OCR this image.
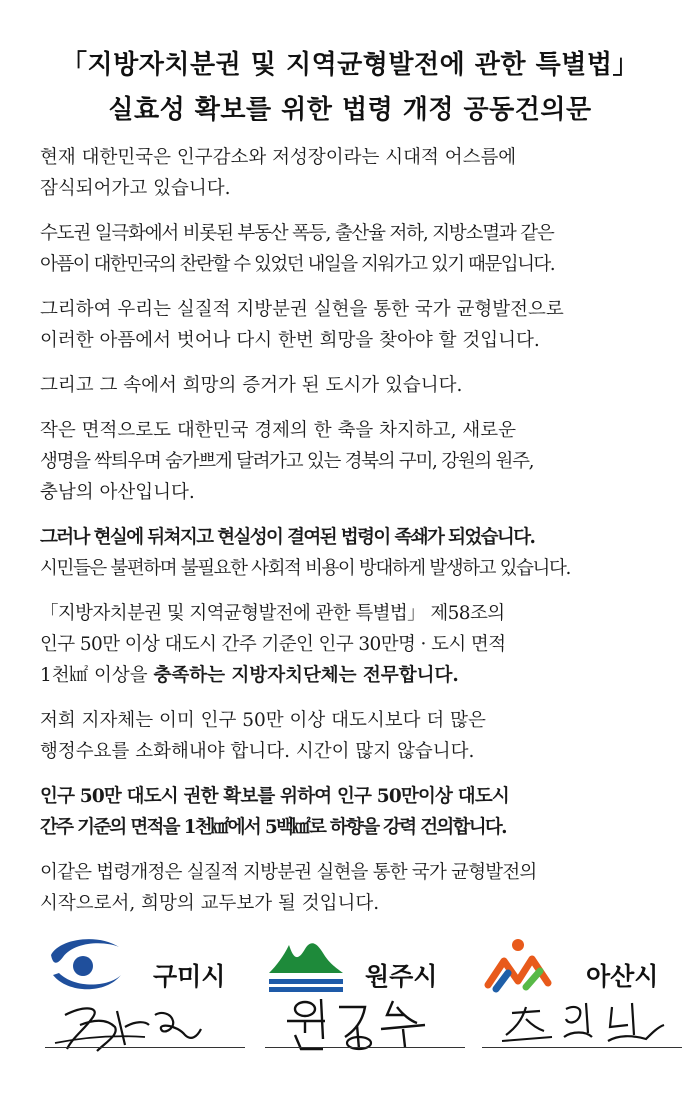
「지방자치분권 및 지역균형발전에 관한 특별법」
실효성 확보를 위한 법령 개정 공동건의문
현재 대한민국은 인구감소와 저성장이라는 시대적 어스름에
잠식되어가고 있습니다.
수도권 일극화에서 비롯된 부동산 폭등, 출산율 저하, 지방소멸과 같은
아픔이 대한민국의 찬란할 수 있었던 내일을 지워가고 있기 때문입니다.
그리하여 우리는 실질적 지방분권 실현을 통한 국가 균형발전으로
이러한 아픔에서 벗어나 다시 한번 희망을 찾아야 할 것입니다.
그리고 그 속에서 희망의 증거가 된 도시가 있습니다.
작은 면적으로도 대한민국 경제의 한 축을 차지하고, 새로운
생명을 싹틔우며 숨가쁘게 달려가고 있는 경북의 구미, 강원의 원주,
충남의 아산입니다.
그러나 현실에 뒤쳐지고 현실성이 결여된 법령이 족쇄가 되었습니다.
시민들은 불편하며 불필요한 사회적 비용이 방대하게 발생하고 있습니다.
「지방자치분권 및 지역균형발전에 관한 특별법」 제58조의
인구 50만 이상 대도시 간주 기준인 인구 30만명 · 도시 면적
1천㎢ 이상을 충족하는 지방자치단체는 전무합니다.
저희 지자체는 이미 인구 50만 이상 대도시보다 더 많은
행정수요를 소화해내야 합니다. 시간이 많지 않습니다.
인구 50만 대도시 권한 확보를 위하여 인구 50만이상 대도시
간주 기준의 면적을 1천㎢에서 5백㎢로 하향을 강력 건의합니다.
이같은 법령개정은 실질적 지방분권 실현을 통한 국가 균형발전의
시작으로서, 희망의 교두보가 될 것입니다.
구미시	원주시	아산시
